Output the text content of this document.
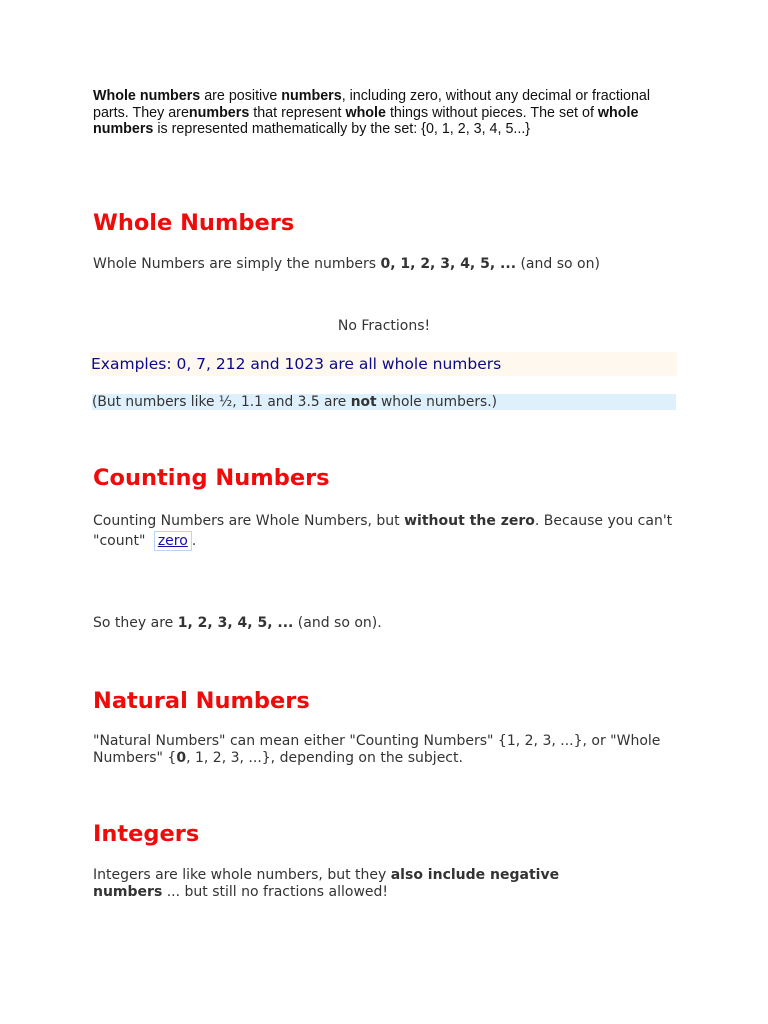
Whole numbers are positive numbers, including zero, without any decimal or fractional parts. They arenumbers that represent whole things without pieces. The set of whole numbers is represented mathematically by the set: {0, 1, 2, 3, 4, 5...}
Whole Numbers

Whole Numbers are simply the numbers 0, 1, 2, 3, 4, 5, ... (and so on)

No Fractions!

Examples: 0, 7, 212 and 1023 are all whole numbers
(But numbers like ½, 1.1 and 3.5 are not whole numbers.)
Counting Numbers

Counting Numbers are Whole Numbers, but without the zero. Because you can't "count" zero .

So they are 1, 2, 3, 4, 5, ... (and so on).

Natural Numbers

"Natural Numbers" can mean either "Counting Numbers" {1, 2, 3, ...}, or "Whole Numbers" {0, 1, 2, 3, ...}, depending on the subject.

Integers

Integers are like whole numbers, but they also include negative numbers ... but still no fractions allowed!
